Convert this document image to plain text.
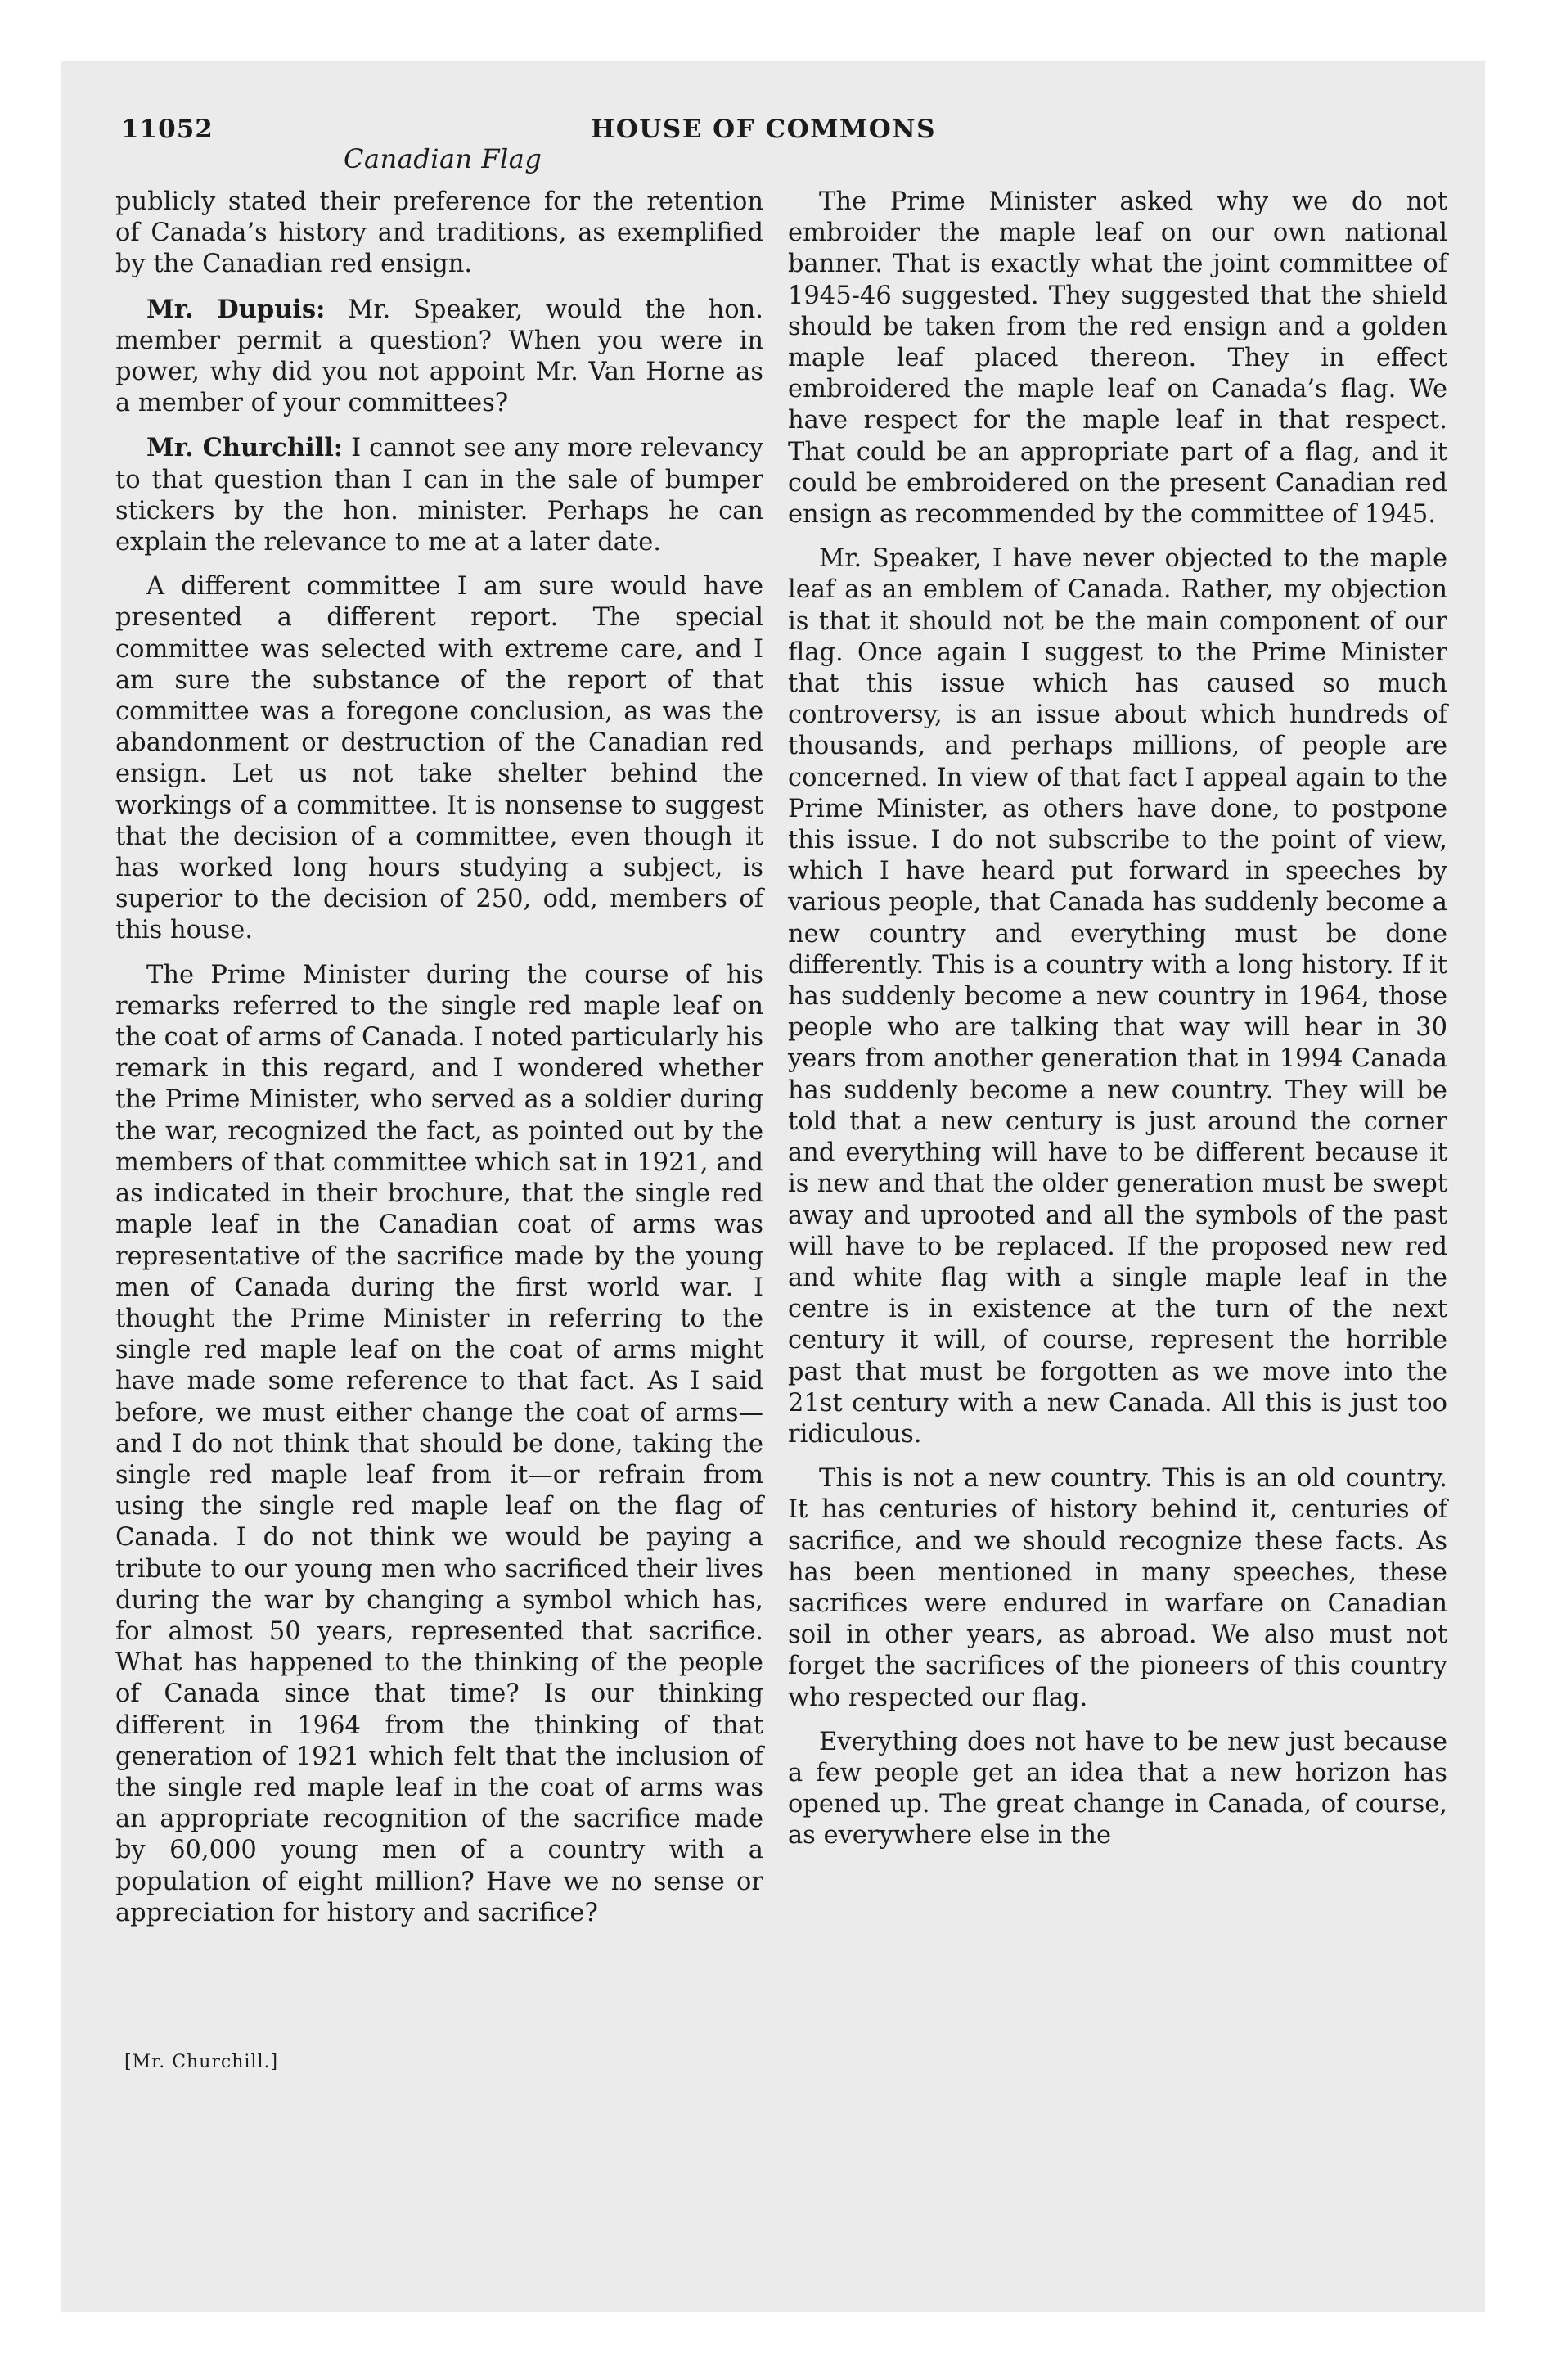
11052	HOUSE OF COMMONS
Canadian Flag

publicly stated their preference for the retention of Canada’s history and traditions, as exemplified by the Canadian red ensign.

Mr. Dupuis: Mr. Speaker, would the hon. member permit a question? When you were in power, why did you not appoint Mr. Van Horne as a member of your committees?

Mr. Churchill: I cannot see any more relevancy to that question than I can in the sale of bumper stickers by the hon. minister. Perhaps he can explain the relevance to me at a later date.

A different committee I am sure would have presented a different report. The special committee was selected with extreme care, and I am sure the substance of the report of that committee was a foregone conclusion, as was the abandonment or destruction of the Canadian red ensign. Let us not take shelter behind the workings of a committee. It is nonsense to suggest that the decision of a committee, even though it has worked long hours studying a subject, is superior to the decision of 250, odd, members of this house.

The Prime Minister during the course of his remarks referred to the single red maple leaf on the coat of arms of Canada. I noted particularly his remark in this regard, and I wondered whether the Prime Minister, who served as a soldier during the war, recognized the fact, as pointed out by the members of that committee which sat in 1921, and as indicated in their brochure, that the single red maple leaf in the Canadian coat of arms was representative of the sacrifice made by the young men of Canada during the first world war. I thought the Prime Minister in referring to the single red maple leaf on the coat of arms might have made some reference to that fact. As I said before, we must either change the coat of arms—and I do not think that should be done, taking the single red maple leaf from it—or refrain from using the single red maple leaf on the flag of Canada. I do not think we would be paying a tribute to our young men who sacrificed their lives during the war by changing a symbol which has, for almost 50 years, represented that sacrifice. What has happened to the thinking of the people of Canada since that time? Is our thinking different in 1964 from the thinking of that generation of 1921 which felt that the inclusion of the single red maple leaf in the coat of arms was an appropriate recognition of the sacrifice made by 60,000 young men of a country with a population of eight million? Have we no sense or appreciation for history and sacrifice?

The Prime Minister asked why we do not embroider the maple leaf on our own national banner. That is exactly what the joint committee of 1945-46 suggested. They suggested that the shield should be taken from the red ensign and a golden maple leaf placed thereon. They in effect embroidered the maple leaf on Canada’s flag. We have respect for the maple leaf in that respect. That could be an appropriate part of a flag, and it could be embroidered on the present Canadian red ensign as recommended by the committee of 1945.

Mr. Speaker, I have never objected to the maple leaf as an emblem of Canada. Rather, my objection is that it should not be the main component of our flag. Once again I suggest to the Prime Minister that this issue which has caused so much controversy, is an issue about which hundreds of thousands, and perhaps millions, of people are concerned. In view of that fact I appeal again to the Prime Minister, as others have done, to postpone this issue. I do not subscribe to the point of view, which I have heard put forward in speeches by various people, that Canada has suddenly become a new country and everything must be done differently. This is a country with a long history. If it has suddenly become a new country in 1964, those people who are talking that way will hear in 30 years from another generation that in 1994 Canada has suddenly become a new country. They will be told that a new century is just around the corner and everything will have to be different because it is new and that the older generation must be swept away and uprooted and all the symbols of the past will have to be replaced. If the proposed new red and white flag with a single maple leaf in the centre is in existence at the turn of the next century it will, of course, represent the horrible past that must be forgotten as we move into the 21st century with a new Canada. All this is just too ridiculous.

This is not a new country. This is an old country. It has centuries of history behind it, centuries of sacrifice, and we should recognize these facts. As has been mentioned in many speeches, these sacrifices were endured in warfare on Canadian soil in other years, as abroad. We also must not forget the sacrifices of the pioneers of this country who respected our flag.

Everything does not have to be new just because a few people get an idea that a new horizon has opened up. The great change in Canada, of course, as everywhere else in the

[Mr. Churchill.]
